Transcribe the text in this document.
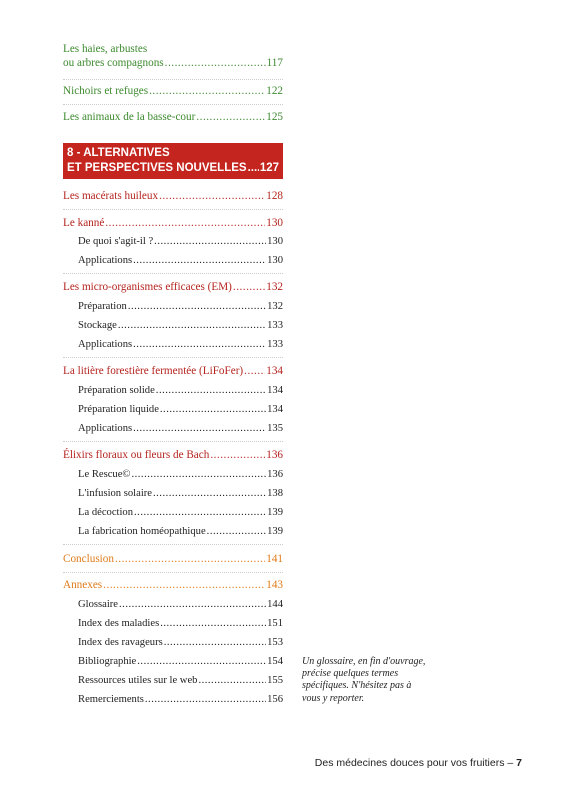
Les haies, arbustes
ou arbres compagnons .....	117
Nichoirs et refuges .....	122
Les animaux de la basse-cour .....	125
8 - ALTERNATIVES
ET PERSPECTIVES NOUVELLES ..... 127
Les macérats huileux .....	128
Le kanné .....	130
De quoi s'agit-il ? .....	130
Applications .....	130
Les micro-organismes efficaces (EM) .....	132
Préparation .....	132
Stockage .....	133
Applications .....	133
La litière forestière fermentée (LiFoFer) ..... 134
Préparation solide .....	134
Préparation liquide .....	134
Applications .....	135
Élixirs floraux ou fleurs de Bach .....	136
Le Rescue© .....	136
L'infusion solaire .....	138
La décoction .....	139
La fabrication homéopathique .....	139
Conclusion .....	141
Annexes .....	143
Glossaire .....	144
Index des maladies .....	151
Index des ravageurs .....	153
Bibliographie .....	154
Ressources utiles sur le web .....	155
Remerciements .....	156
Un glossaire, en fin d'ouvrage, précise quelques termes spécifiques. N'hésitez pas à vous y reporter.
Des médecines douces pour vos fruitiers – 7
